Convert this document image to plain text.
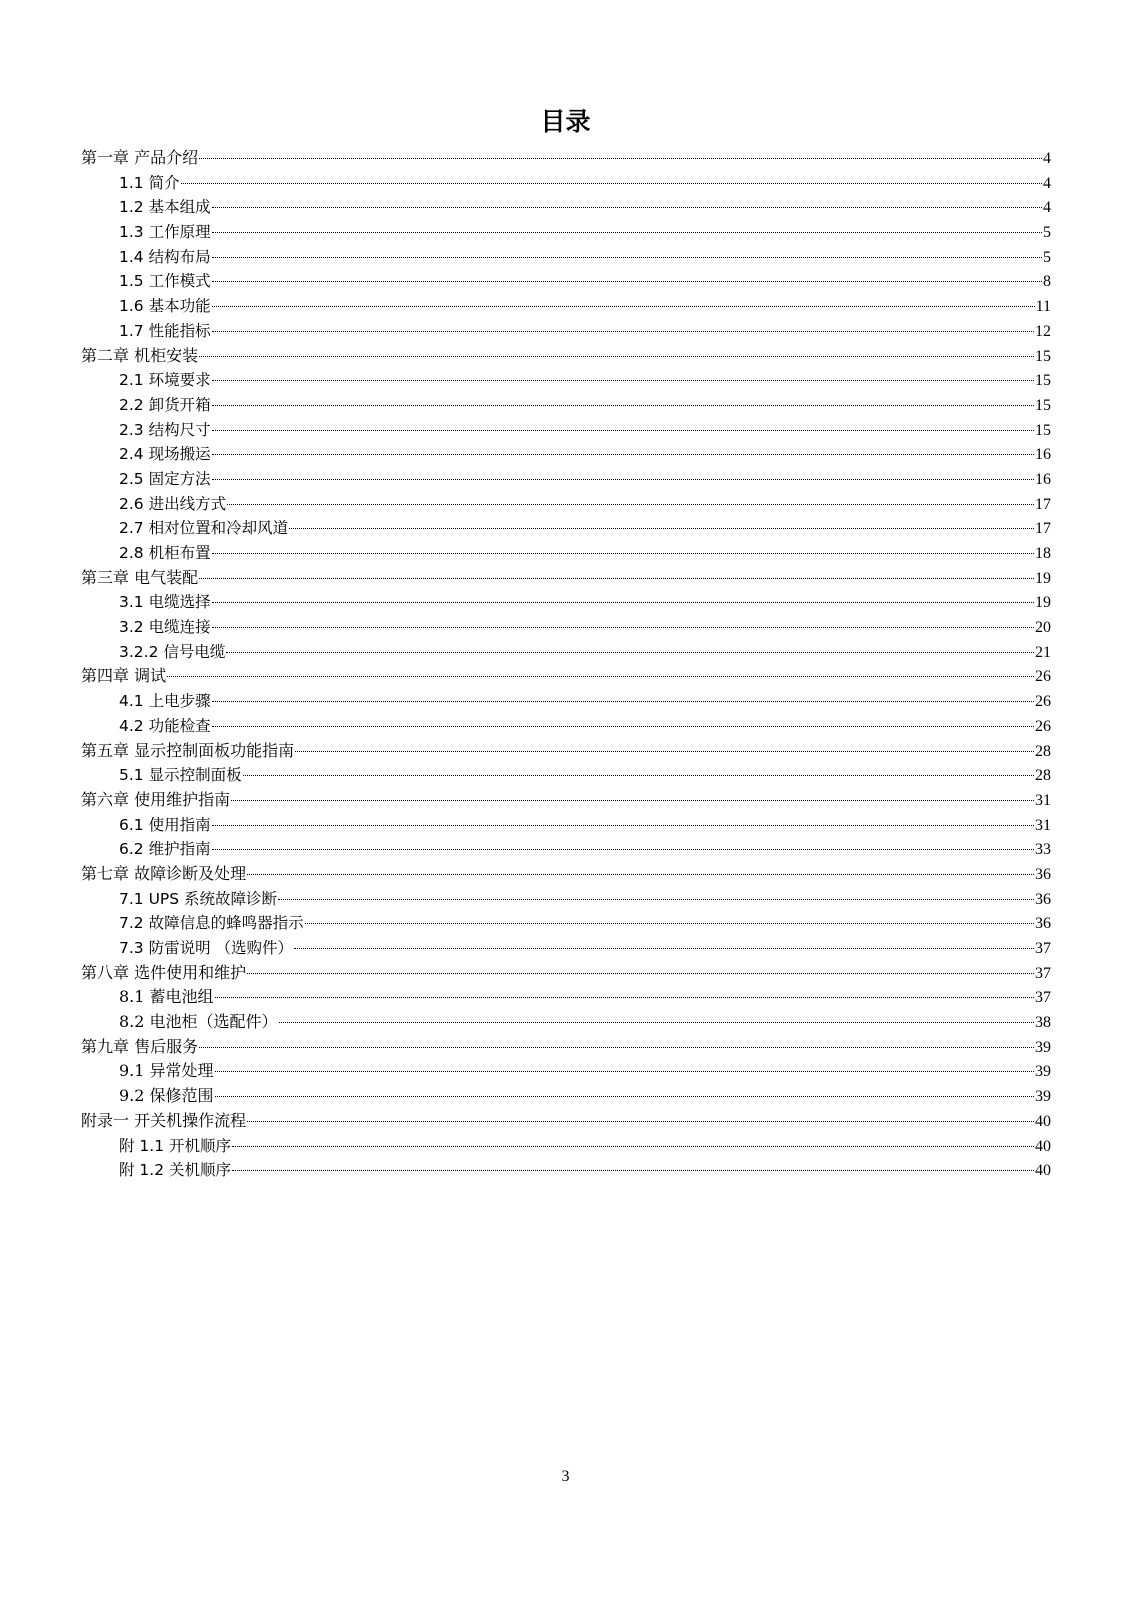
目录
第一章 产品介绍	4
1.1 简介	4
1.2 基本组成	4
1.3 工作原理	5
1.4 结构布局	5
1.5 工作模式	8
1.6 基本功能	11
1.7 性能指标	12
第二章 机柜安装	15
2.1 环境要求	15
2.2 卸货开箱	15
2.3 结构尺寸	15
2.4 现场搬运	16
2.5 固定方法	16
2.6 进出线方式	17
2.7 相对位置和冷却风道	17
2.8 机柜布置	18
第三章 电气装配	19
3.1 电缆选择	19
3.2 电缆连接	20
3.2.2 信号电缆	21
第四章 调试	26
4.1 上电步骤	26
4.2 功能检查	26
第五章 显示控制面板功能指南	28
5.1 显示控制面板	28
第六章 使用维护指南	31
6.1 使用指南	31
6.2 维护指南	33
第七章 故障诊断及处理	36
7.1 UPS 系统故障诊断	36
7.2 故障信息的蜂鸣器指示	36
7.3 防雷说明 （选购件）	37
第八章 选件使用和维护	37
8.1 蓄电池组	37
8.2 电池柜（选配件）	38
第九章 售后服务	39
9.1 异常处理	39
9.2 保修范围	39
附录一 开关机操作流程	40
附 1.1 开机顺序	40
附 1.2 关机顺序	40
3
